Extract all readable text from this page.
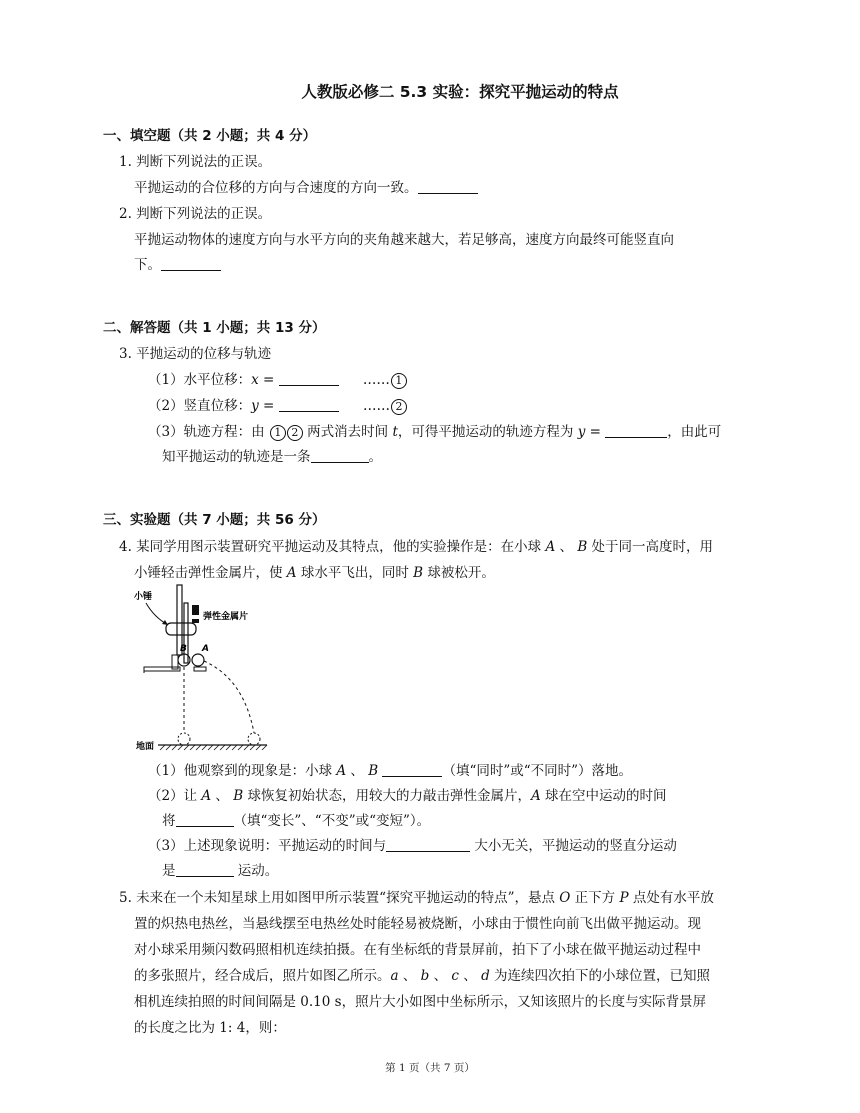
人教版必修二 5.3 实验：探究平抛运动的特点
一、填空题（共 2 小题；共 4 分）
1. 判断下列说法的正误。
平抛运动的合位移的方向与合速度的方向一致。
2. 判断下列说法的正误。
平抛运动物体的速度方向与水平方向的夹角越来越大，若足够高，速度方向最终可能竖直向
下。
二、解答题（共 1 小题；共 13 分）
3. 平抛运动的位移与轨迹
（1）水平位移：x =	…… 1
（2）竖直位移：y =	…… 2
（3）轨迹方程：由 1 2 两式消去时间 t，可得平抛运动的轨迹方程为 y =	，由此可
知平抛运动的轨迹是一条	。
三、实验题（共 7 小题；共 56 分）
4. 某同学用图示装置研究平抛运动及其特点，他的实验操作是：在小球 A 、 B 处于同一高度时，用
小锤轻击弹性金属片，使 A 球水平飞出，同时 B 球被松开。
弹性金属片
小锤
B A
地面
（1）他观察到的现象是：小球 A 、 B	（填“同时”或“不同时”）落地。
（2）让 A 、 B 球恢复初始状态，用较大的力敲击弹性金属片，A 球在空中运动的时间
将	（填“变长”、“不变”或“变短”）。
（3）上述现象说明：平抛运动的时间与	大小无关，平抛运动的竖直分运动
是	运动。
5. 未来在一个未知星球上用如图甲所示装置“探究平抛运动的特点”，悬点 O 正下方 P 点处有水平放
置的炽热电热丝，当悬线摆至电热丝处时能轻易被烧断，小球由于惯性向前飞出做平抛运动。现
对小球采用频闪数码照相机连续拍摄。在有坐标纸的背景屏前，拍下了小球在做平抛运动过程中
的多张照片，经合成后，照片如图乙所示。a 、 b 、 c 、 d 为连续四次拍下的小球位置，已知照
相机连续拍照的时间间隔是 0.10 s，照片大小如图中坐标所示，又知该照片的长度与实际背景屏
的长度之比为 1: 4，则：
第 1 页（共 7 页）
